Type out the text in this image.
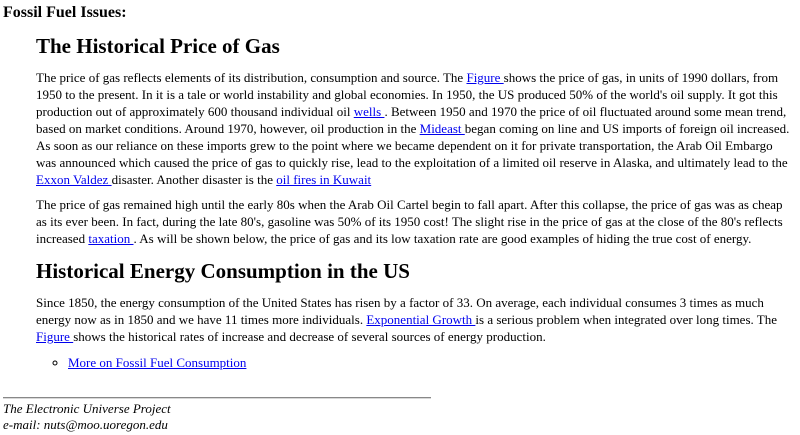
Fossil Fuel Issues:
The Historical Price of Gas

The price of gas reflects elements of its distribution, consumption and source. The Figure shows the price of gas, in units of 1990 dollars, from 1950 to the present. In it is a tale or world instability and global economies. In 1950, the US produced 50% of the world's oil supply. It got this production out of approximately 600 thousand individual oil wells . Between 1950 and 1970 the price of oil fluctuated around some mean trend, based on market conditions. Around 1970, however, oil production in the Mideast began coming on line and US imports of foreign oil increased. As soon as our reliance on these imports grew to the point where we became dependent on it for private transportation, the Arab Oil Embargo was announced which caused the price of gas to quickly rise, lead to the exploitation of a limited oil reserve in Alaska, and ultimately lead to the Exxon Valdez disaster. Another disaster is the oil fires in Kuwait

The price of gas remained high until the early 80s when the Arab Oil Cartel begin to fall apart. After this collapse, the price of gas was as cheap as its ever been. In fact, during the late 80's, gasoline was 50% of its 1950 cost! The slight rise in the price of gas at the close of the 80's reflects increased taxation . As will be shown below, the price of gas and its low taxation rate are good examples of hiding the true cost of energy.

Historical Energy Consumption in the US

Since 1850, the energy consumption of the United States has risen by a factor of 33. On average, each individual consumes 3 times as much energy now as in 1850 and we have 11 times more individuals. Exponential Growth is a serious problem when integrated over long times. The Figure shows the historical rates of increase and decrease of several sources of energy production.

◦ More on Fossil Fuel Consumption
The Electronic Universe Project
e-mail: nuts@moo.uoregon.edu
